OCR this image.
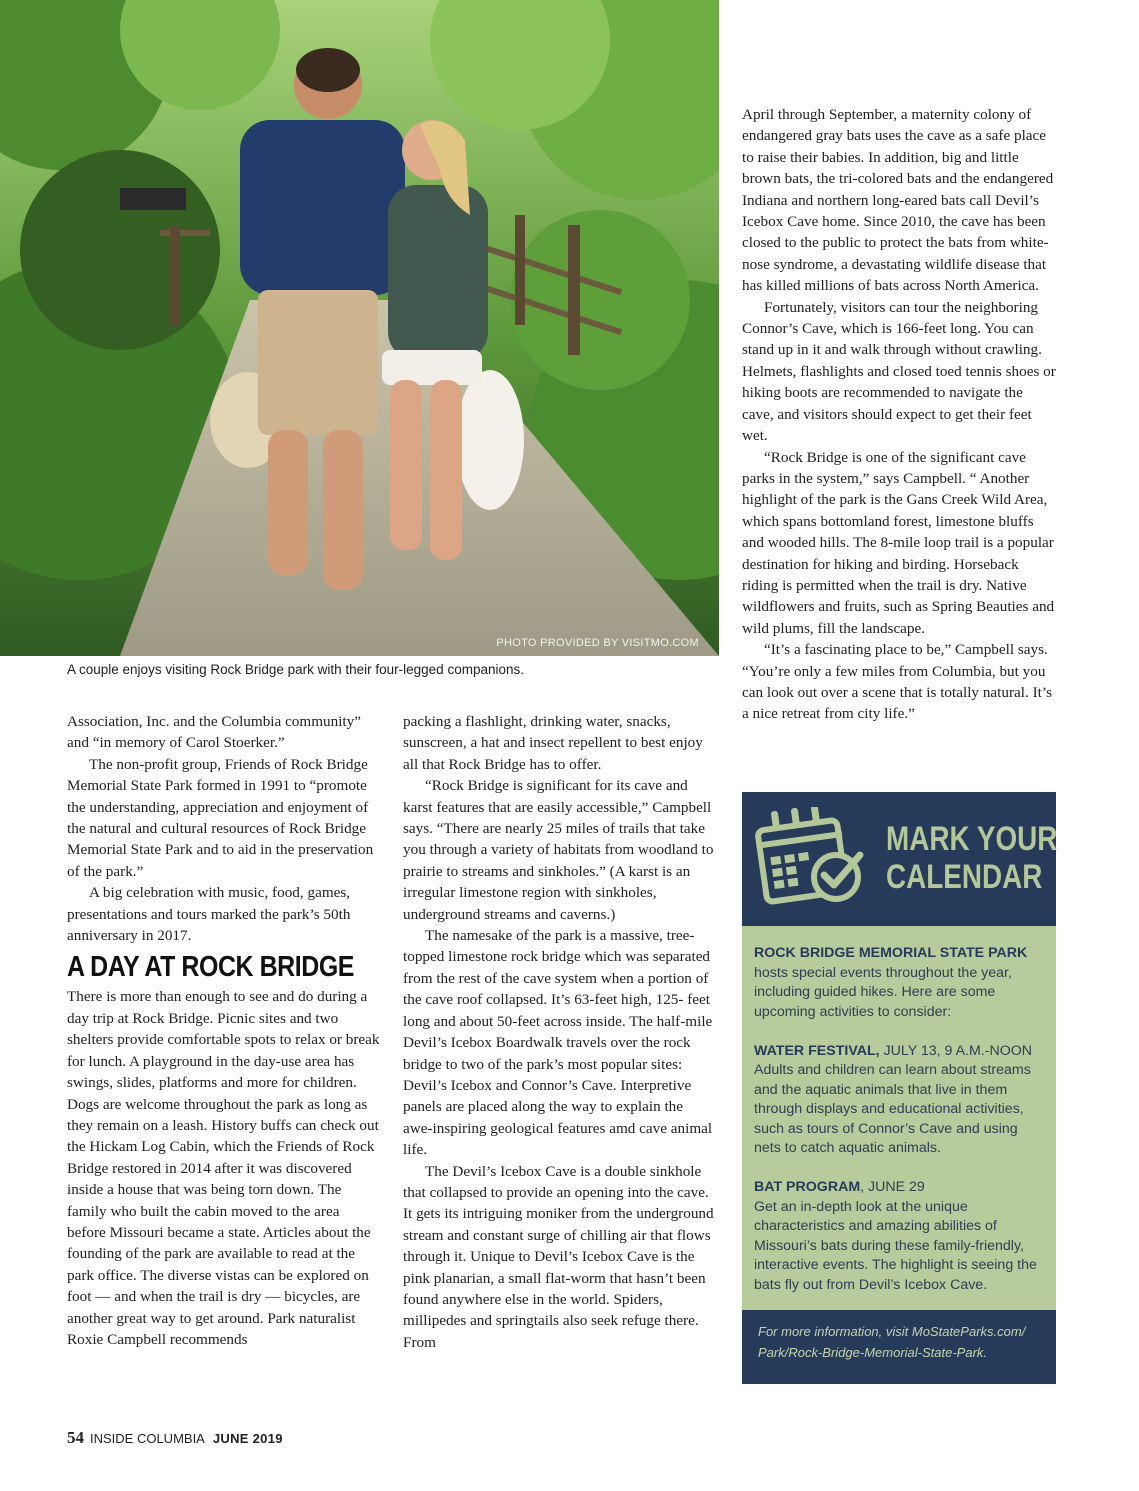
PHOTO PROVIDED BY VISITMO.COM
A couple enjoys visiting Rock Bridge park with their four-legged companions.

Association, Inc. and the Columbia community” and “in memory of Carol Stoerker.”

The non-profit group, Friends of Rock Bridge Memorial State Park formed in 1991 to “promote the understanding, appreciation and enjoyment of the natural and cultural resources of Rock Bridge Memorial State Park and to aid in the preservation of the park.”

A big celebration with music, food, games, presentations and tours marked the park’s 50th anniversary in 2017.

A DAY AT ROCK BRIDGE

There is more than enough to see and do during a day trip at Rock Bridge. Picnic sites and two shelters provide comfortable spots to relax or break for lunch. A playground in the day-use area has swings, slides, platforms and more for children. Dogs are welcome throughout the park as long as they remain on a leash. History buffs can check out the Hickam Log Cabin, which the Friends of Rock Bridge restored in 2014 after it was discovered inside a house that was being torn down. The family who built the cabin moved to the area before Missouri became a state. Articles about the founding of the park are available to read at the park office. The diverse vistas can be explored on foot — and when the trail is dry — bicycles, are another great way to get around. Park naturalist Roxie Campbell recommends

packing a flashlight, drinking water, snacks, sunscreen, a hat and insect repellent to best enjoy all that Rock Bridge has to offer.

“Rock Bridge is significant for its cave and karst features that are easily accessible,” Campbell says. “There are nearly 25 miles of trails that take you through a variety of habitats from woodland to prairie to streams and sinkholes.” (A karst is an irregular limestone region with sinkholes, underground streams and caverns.)

The namesake of the park is a massive, tree-topped limestone rock bridge which was separated from the rest of the cave system when a portion of the cave roof collapsed. It’s 63-feet high, 125- feet long and about 50-feet across inside. The half-mile Devil’s Icebox Boardwalk travels over the rock bridge to two of the park’s most popular sites: Devil’s Icebox and Connor’s Cave. Interpretive panels are placed along the way to explain the awe-inspiring geological features amd cave animal life.

The Devil’s Icebox Cave is a double sinkhole that collapsed to provide an opening into the cave. It gets its intriguing moniker from the underground stream and constant surge of chilling air that flows through it. Unique to Devil’s Icebox Cave is the pink planarian, a small flat-worm that hasn’t been found anywhere else in the world. Spiders, millipedes and springtails also seek refuge there. From

April through September, a maternity colony of endangered gray bats uses the cave as a safe place to raise their babies. In addition, big and little brown bats, the tri-colored bats and the endangered Indiana and northern long-eared bats call Devil’s Icebox Cave home. Since 2010, the cave has been closed to the public to protect the bats from white-nose syndrome, a devastating wildlife disease that has killed millions of bats across North America.

Fortunately, visitors can tour the neighboring Connor’s Cave, which is 166-feet long. You can stand up in it and walk through without crawling. Helmets, flashlights and closed toed tennis shoes or hiking boots are recommended to navigate the cave, and visitors should expect to get their feet wet.

“Rock Bridge is one of the significant cave parks in the system,” says Campbell. “ Another highlight of the park is the Gans Creek Wild Area, which spans bottomland forest, limestone bluffs and wooded hills. The 8-mile loop trail is a popular destination for hiking and birding. Horseback riding is permitted when the trail is dry. Native wildflowers and fruits, such as Spring Beauties and wild plums, fill the landscape.

“It’s a fascinating place to be,” Campbell says. “You’re only a few miles from Columbia, but you can look out over a scene that is totally natural. It’s a nice retreat from city life.”

MARK YOUR
CALENDAR

ROCK BRIDGE MEMORIAL STATE PARK
hosts special events throughout the year, including guided hikes. Here are some upcoming activities to consider:

WATER FESTIVAL, JULY 13, 9 A.M.-NOON
Adults and children can learn about streams and the aquatic animals that live in them through displays and educational activities, such as tours of Connor’s Cave and using nets to catch aquatic animals.

BAT PROGRAM, JUNE 29
Get an in-depth look at the unique characteristics and amazing abilities of Missouri’s bats during these family-friendly, interactive events. The highlight is seeing the bats fly out from Devil’s Icebox Cave.

For more information, visit MoStateParks.com/
Park/Rock-Bridge-Memorial-State-Park.
54 INSIDE COLUMBIA JUNE 2019
